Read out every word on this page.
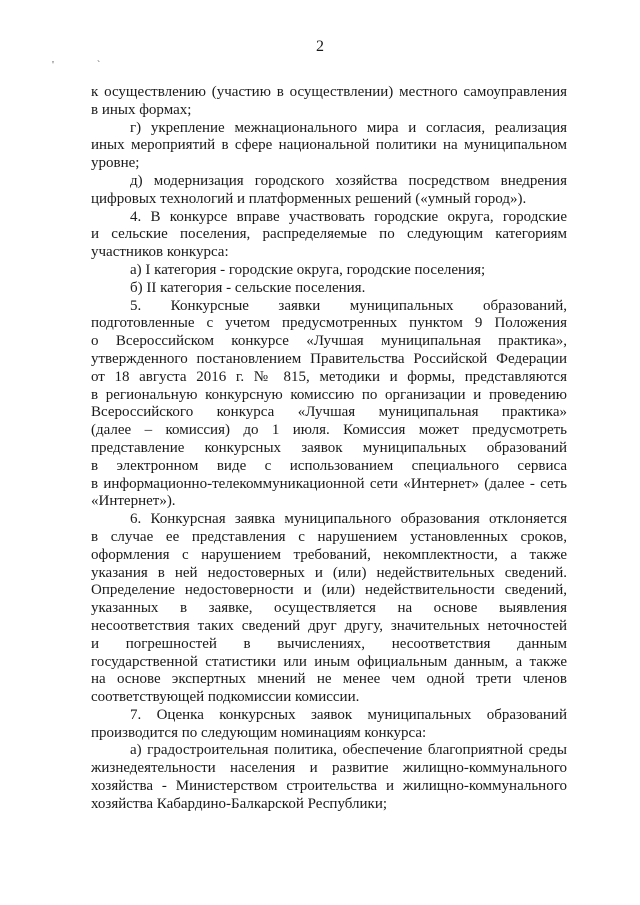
2
' `
к осуществлению (участию в осуществлении) местного самоуправления
в иных формах;
г) укрепление межнационального мира и согласия, реализация
иных мероприятий в сфере национальной политики на муниципальном
уровне;
д) модернизация городского хозяйства посредством внедрения
цифровых технологий и платформенных решений («умный город»).
4. В конкурсе вправе участвовать городские округа, городские
и сельские поселения, распределяемые по следующим категориям
участников конкурса:
а) I категория - городские округа, городские поселения;
б) II категория - сельские поселения.
5. Конкурсные заявки муниципальных образований,
подготовленные с учетом предусмотренных пунктом 9 Положения
о Всероссийском конкурсе «Лучшая муниципальная практика»,
утвержденного постановлением Правительства Российской Федерации
от 18 августа 2016 г. № 815, методики и формы, представляются
в региональную конкурсную комиссию по организации и проведению
Всероссийского конкурса «Лучшая муниципальная практика»
(далее – комиссия) до 1 июля. Комиссия может предусмотреть
представление конкурсных заявок муниципальных образований
в электронном виде с использованием специального сервиса
в информационно-телекоммуникационной сети «Интернет» (далее - сеть
«Интернет»).
6. Конкурсная заявка муниципального образования отклоняется
в случае ее представления с нарушением установленных сроков,
оформления с нарушением требований, некомплектности, а также
указания в ней недостоверных и (или) недействительных сведений.
Определение недостоверности и (или) недействительности сведений,
указанных в заявке, осуществляется на основе выявления
несоответствия таких сведений друг другу, значительных неточностей
и погрешностей в вычислениях, несоответствия данным
государственной статистики или иным официальным данным, а также
на основе экспертных мнений не менее чем одной трети членов
соответствующей подкомиссии комиссии.
7. Оценка конкурсных заявок муниципальных образований
производится по следующим номинациям конкурса:
а) градостроительная политика, обеспечение благоприятной среды
жизнедеятельности населения и развитие жилищно-коммунального
хозяйства - Министерством строительства и жилищно-коммунального
хозяйства Кабардино-Балкарской Республики;
